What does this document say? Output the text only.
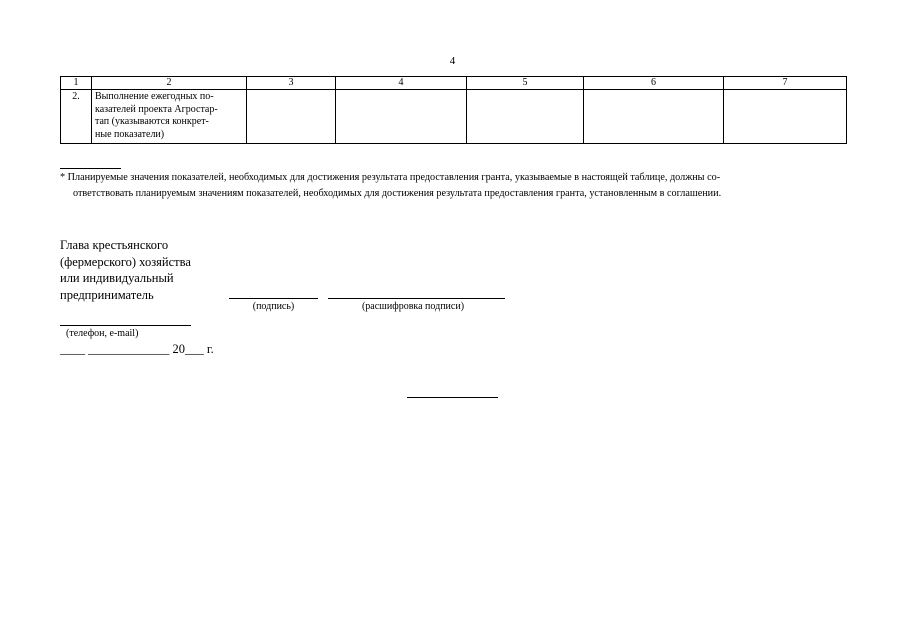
4
1	2	3	4	5	6	7
2.	Выполнение ежегодных по-
казателей проекта Агростар-
тап (указываются конкрет-
ные показатели)					

* Планируемые значения показателей, необходимых для достижения результата предоставления гранта, указываемые в настоящей таблице, должны со-
ответствовать планируемым значениям показателей, необходимых для достижения результата предоставления гранта, установленным в соглашении.
Глава крестьянского
(фермерского) хозяйства
или индивидуальный
предприниматель
(подпись)	(расшифровка подписи)
(телефон, e-mail)
____ _____________ 20___ г.
